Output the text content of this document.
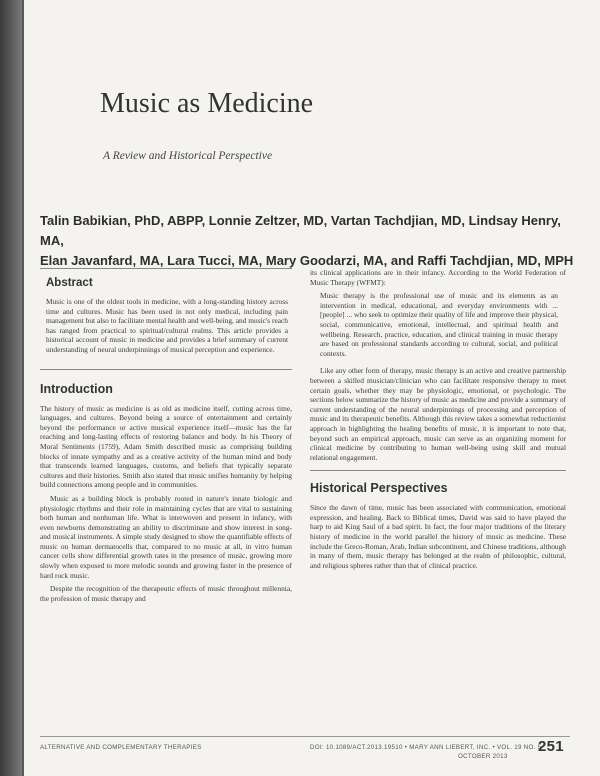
Music as Medicine
A Review and Historical Perspective
Talin Babikian, PhD, ABPP, Lonnie Zeltzer, MD, Vartan Tachdjian, MD, Lindsay Henry, MA,
Elan Javanfard, MA, Lara Tucci, MA, Mary Goodarzi, MA, and Raffi Tachdjian, MD, MPH
Abstract

Music is one of the oldest tools in medicine, with a long-standing history across time and cultures. Music has been used in not only medical, including pain management but also to facilitate mental health and well-being, and music's reach has ranged from practical to spiritual/cultural realms. This article provides a historical account of music in medicine and provides a brief summary of current understanding of neural underpinnings of musical perception and experience.

Introduction

The history of music as medicine is as old as medicine itself, cutting across time, languages, and cultures. Beyond being a source of entertainment and certainly beyond the performance or active musical experience itself—music has the far reaching and long-lasting effects of restoring balance and body. In his Theory of Moral Sentiments (1759), Adam Smith described music as comprising building blocks of innate sympathy and as a creative activity of the human mind and body that transcends learned languages, customs, and beliefs that typically separate cultures and their histories. Smith also stated that music unifies humanity by helping build connections among people and in communities.

Music as a building block is probably rooted in nature's innate biologic and physiologic rhythms and their role in maintaining cycles that are vital to sustaining both human and nonhuman life. What is interwoven and present in infancy, with even newborns demonstrating an ability to discriminate and show interest in song- and musical instruments. A simple study designed to show the quantifiable effects of music on human dermatocells that, compared to no music at all, in vitro human cancer cells show differential growth rates in the presence of music, growing more slowly when exposed to more melodic sounds and growing faster in the presence of hard rock music.

Despite the recognition of the therapeutic effects of music throughout millennia, the profession of music therapy and

its clinical applications are in their infancy. According to the World Federation of Music Therapy (WFMT):

Music therapy is the professional use of music and its elements as an intervention in medical, educational, and everyday environments with ... [people] ... who seek to optimize their quality of life and improve their physical, social, communicative, emotional, intellectual, and spiritual health and wellbeing. Research, practice, education, and clinical training in music therapy are based on professional standards according to cultural, social, and political contexts.

Like any other form of therapy, music therapy is an active and creative partnership between a skilled musician/clinician who can facilitate responsive therapy to meet certain goals, whether they may be physiologic, emotional, or psychologic. The sections below summarize the history of music as medicine and provide a summary of current understanding of the neural underpinnings of processing and perception of music and its therapeutic benefits. Although this review takes a somewhat reductionist approach in highlighting the healing benefits of music, it is important to note that, beyond such an empirical approach, music can serve as an organizing moment for clinical medicine by contributing to human well-being using skill and mutual relational engagement.

Historical Perspectives

Since the dawn of time, music has been associated with communication, emotional expression, and healing. Back to Biblical times, David was said to have played the harp to aid King Saul of a bad spirit. In fact, the four major traditions of the literary history of medicine in the world parallel the history of music as medicine. These include the Greco-Roman, Arab, Indian subcontinent, and Chinese traditions, although in many of them, music therapy has belonged at the realm of philosophic, cultural, and religious spheres rather than that of clinical practice.

ALTERNATIVE AND COMPLEMENTARY THERAPIES	DOI: 10.1089/ACT.2013.19510 • MARY ANN LIEBERT, INC. • VOL. 19 NO. 5
OCTOBER 2013
251
